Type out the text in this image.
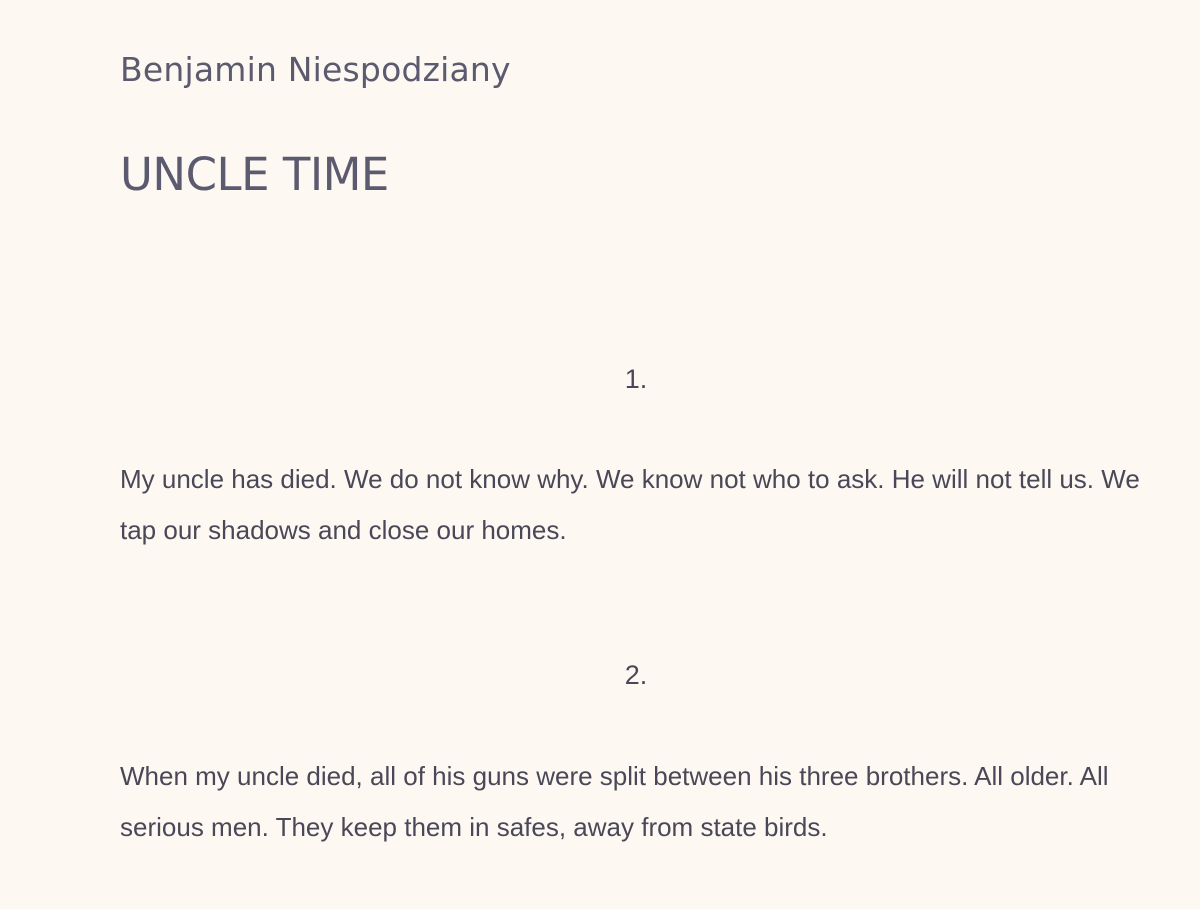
Benjamin Niespodziany
UNCLE TIME

1.

My uncle has died. We do not know why. We know not who to ask. He will not tell us. We tap our shadows and close our homes.

2.

When my uncle died, all of his guns were split between his three brothers. All older. All serious men. They keep them in safes, away from state birds.
